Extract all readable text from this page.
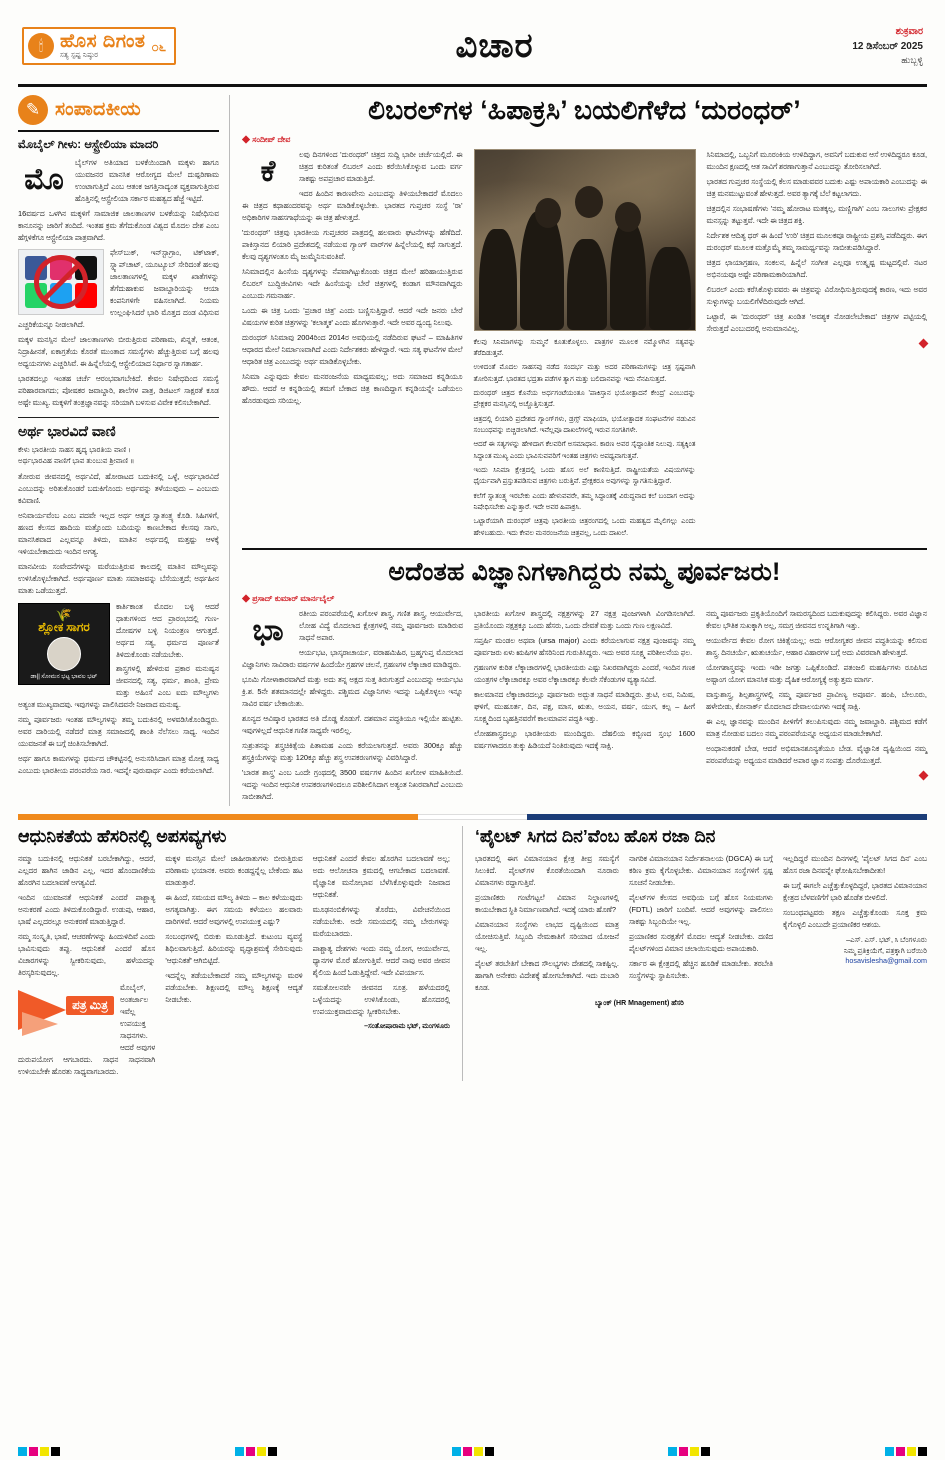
🕯 ಹೊಸ ದಿಗಂತ
ಸತ್ಯ ಸ್ಪಷ್ಟ ನಿಷ್ಠುರ
೦೬	ವಿಚಾರ	ಶುಕ್ರವಾರ
12 ಡಿಸೆಂಬರ್ 2025
ಹುಬ್ಬಳ್ಳಿ
✎ ಸಂಪಾದಕೀಯ
ಮೊಬೈಲ್ ಗೀಳು: ಆಸ್ಟ್ರೇಲಿಯಾ ಮಾದರಿ
ಮೊ

ಬೈಲ್‌ಗಳ ಅತಿಯಾದ ಬಳಕೆಯಿಂದಾಗಿ ಮಕ್ಕಳು ಹಾಗೂ ಯುವಜನರ ಮಾನಸಿಕ ಆರೋಗ್ಯದ ಮೇಲೆ ದುಷ್ಪರಿಣಾಮ ಉಂಟಾಗುತ್ತಿದೆ ಎಂಬ ಆತಂಕ ಜಗತ್ತಿನಾದ್ಯಂತ ವ್ಯಕ್ತವಾಗುತ್ತಿರುವ ಹೊತ್ತಿನಲ್ಲಿ ಆಸ್ಟ್ರೇಲಿಯಾ ಸರ್ಕಾರ ಮಹತ್ವದ ಹೆಜ್ಜೆ ಇಟ್ಟಿದೆ.

16ವರ್ಷದ ಒಳಗಿನ ಮಕ್ಕಳಿಗೆ ಸಾಮಾಜಿಕ ಜಾಲತಾಣಗಳ ಬಳಕೆಯನ್ನು ನಿಷೇಧಿಸುವ ಕಾನೂನನ್ನು ಜಾರಿಗೆ ತಂದಿದೆ. ಇಂತಹ ಕ್ರಮ ತೆಗೆದುಕೊಂಡ ವಿಶ್ವದ ಮೊದಲ ದೇಶ ಎಂಬ ಹೆಗ್ಗಳಿಕೆಗೂ ಆಸ್ಟ್ರೇಲಿಯಾ ಪಾತ್ರವಾಗಿದೆ.

ಫೇಸ್‌ಬುಕ್, ಇನ್‌ಸ್ಟಾಗ್ರಾಂ, ಟಿಕ್‌ಟಾಕ್, ಸ್ನ್ಯಾಪ್‌ಚಾಟ್, ಯೂಟ್ಯೂಬ್ ಸೇರಿದಂತೆ ಹಲವು ಜಾಲತಾಣಗಳಲ್ಲಿ ಮಕ್ಕಳ ಖಾತೆಗಳನ್ನು ತೆಗೆದುಹಾಕುವ ಜವಾಬ್ದಾರಿಯನ್ನು ಆಯಾ ಕಂಪನಿಗಳಿಗೇ ವಹಿಸಲಾಗಿದೆ. ನಿಯಮ ಉಲ್ಲಂಘಿಸಿದರೆ ಭಾರಿ ಮೊತ್ತದ ದಂಡ ವಿಧಿಸುವ ಎಚ್ಚರಿಕೆಯನ್ನೂ ನೀಡಲಾಗಿದೆ.

ಮಕ್ಕಳ ಮನಸ್ಸಿನ ಮೇಲೆ ಜಾಲತಾಣಗಳು ಬೀರುತ್ತಿರುವ ಪರಿಣಾಮ, ಖಿನ್ನತೆ, ಆತಂಕ, ನಿದ್ರಾಹೀನತೆ, ಏಕಾಗ್ರತೆಯ ಕೊರತೆ ಮುಂತಾದ ಸಮಸ್ಯೆಗಳು ಹೆಚ್ಚುತ್ತಿರುವ ಬಗ್ಗೆ ಹಲವು ಅಧ್ಯಯನಗಳು ಎಚ್ಚರಿಸಿವೆ. ಈ ಹಿನ್ನೆಲೆಯಲ್ಲಿ ಆಸ್ಟ್ರೇಲಿಯಾದ ನಿರ್ಧಾರ ಸ್ವಾಗತಾರ್ಹ.

ಭಾರತದಲ್ಲೂ ಇಂತಹ ಚರ್ಚೆ ಆರಂಭವಾಗಬೇಕಿದೆ. ಕೇವಲ ನಿಷೇಧದಿಂದ ಸಮಸ್ಯೆ ಪರಿಹಾರವಾಗದು; ಪೋಷಕರ ಜವಾಬ್ದಾರಿ, ಶಾಲೆಗಳ ಪಾತ್ರ, ಡಿಜಿಟಲ್ ಸಾಕ್ಷರತೆ ಕೂಡ ಅಷ್ಟೇ ಮುಖ್ಯ. ಮಕ್ಕಳಿಗೆ ತಂತ್ರಜ್ಞಾನವನ್ನು ಸರಿಯಾಗಿ ಬಳಸುವ ವಿವೇಕ ಕಲಿಸಬೇಕಾಗಿದೆ.

ಅರ್ಥ ಭಾರವಿದೆ ವಾಣಿ
ಕೇಳು ಭಾರತೀಯ ಸಾಹಸ ಹೃದ್ಯ ಭಾರತಿಯ ವಾಣಿ ।
ಅರ್ಥಭಾರವಿಹ ವಾಣಿಗೆ ಭಾವ ತುಂಬುವ ಶ್ರೀವಾಣಿ ॥

ತೋರುವ ಜೀವನದಲ್ಲಿ ಅರ್ಥವಿದೆ, ಹೋರಾಟದ ಬದುಕಿನಲ್ಲಿ ಒಳ್ಳೆ, ಅರ್ಥಭಾರವಿದೆ ಎಂಬುದನ್ನು ಅರಿತುಕೊಂಡರೆ ಬದುಕಿಗೊಂದು ಅರ್ಥವನ್ನು ತಳೆಯುವುದು – ಎಂಬುದು ಕವಿವಾಣಿ.

ಅನಿವಾರ್ಯವೆಂಬ ಎಂಬ ಪದವೇ ಇಲ್ಲದ ಅರ್ಥ ಆತ್ಮದ ಸ್ವಾತಂತ್ರ್ಯ ಕೊಡಿ. ಸಿಹಿಗಳಿಗೆ, ಹಣದ ಕೆಲಸದ ಹಾದಿಯ ಮತ್ತೊಂದು ಬದಿಯನ್ನು ಕಾಣಬೇಕಾದ ಕೆಲಸವು ಸಾಗು, ಮಾನಸಿಕವಾದ ಎಲ್ಲವನ್ನೂ ತಿಳಿದು, ಮಾತಿನ ಅರ್ಥದಲ್ಲಿ ಮತ್ತಷ್ಟು ಆಳಕ್ಕೆ ಇಳಿಯಬೇಕಾದುದು ಇಂದಿನ ಅಗತ್ಯ.

ಮಾನವೀಯ ಸಂವೇದನೆಗಳನ್ನು ಮರೆಯುತ್ತಿರುವ ಕಾಲದಲ್ಲಿ ಮಾತಿನ ಮೌಲ್ಯವನ್ನು ಉಳಿಸಿಕೊಳ್ಳಬೇಕಾಗಿದೆ. ಅರ್ಥಪೂರ್ಣ ಮಾತು ಸಮಾಜವನ್ನು ಬೆಸೆಯುತ್ತದೆ; ಅರ್ಥಹೀನ ಮಾತು ಒಡೆಯುತ್ತದೆ.

🌾
ಶ್ಲೋಕ ಸಾಗರ
ಡಾ|| ಸೋಮನ ಭಟ್ಟ ಭಾವಲ ಭಟ್

ಕಾರ್ತಿಕಾಂತ ಮೊದಲ ಬಳ್ಳಿ ಆದರೆ ಧಾತುಗಳಿಂದ ಆದ ಪ್ರಾರಂಭದಲ್ಲಿ ಗುಣ-ದೋಷಗಳ ಬಳ್ಳಿ ನಿಯಂತ್ರಣ ಆಗುತ್ತದೆ. ಅರ್ಥದ ಸತ್ಯ, ಧರ್ಮದ ಪೂರ್ಣತೆ ತಿಳಿದುಕೊಂಡು ನಡೆಯಬೇಕು.

ಶಾಸ್ತ್ರಗಳಲ್ಲಿ ಹೇಳಿರುವ ಪ್ರಕಾರ ಮನುಷ್ಯನ ಜೀವನದಲ್ಲಿ ಸತ್ಯ, ಧರ್ಮ, ಶಾಂತಿ, ಪ್ರೇಮ ಮತ್ತು ಅಹಿಂಸೆ ಎಂಬ ಐದು ಮೌಲ್ಯಗಳು ಅತ್ಯಂತ ಮುಖ್ಯವಾದವು. ಇವುಗಳನ್ನು ಪಾಲಿಸಿದವನೇ ನಿಜವಾದ ಮನುಷ್ಯ.

ನಮ್ಮ ಪೂರ್ವಜರು ಇಂತಹ ಮೌಲ್ಯಗಳನ್ನು ತಮ್ಮ ಬದುಕಿನಲ್ಲಿ ಅಳವಡಿಸಿಕೊಂಡಿದ್ದರು. ಅವರ ದಾರಿಯಲ್ಲಿ ನಡೆದರೆ ಮಾತ್ರ ಸಮಾಜದಲ್ಲಿ ಶಾಂತಿ ನೆಲೆಸಲು ಸಾಧ್ಯ. ಇಂದಿನ ಯುವಜನತೆ ಈ ಬಗ್ಗೆ ಚಿಂತಿಸಬೇಕಾಗಿದೆ.

ಅರ್ಥ ಹಾಗೂ ಕಾಮಗಳನ್ನು ಧರ್ಮದ ಚೌಕಟ್ಟಿನಲ್ಲಿ ಅನುಸರಿಸಿದಾಗ ಮಾತ್ರ ಮೋಕ್ಷ ಸಾಧ್ಯ ಎಂಬುದು ಭಾರತೀಯ ಪರಂಪರೆಯ ಸಾರ. ಇದನ್ನೇ ಪುರುಷಾರ್ಥ ಎಂದು ಕರೆಯಲಾಗಿದೆ.

ಲಿಬರಲ್‌ಗಳ ‘ಹಿಪಾಕ್ರಸಿ’ ಬಯಲಿಗೆಳೆದ ‘ದುರಂಧರ್’
◆ ಸಂದೀಪ್ ದೇವ
ಕೆ

ಲವು ದಿನಗಳಿಂದ 'ದುರಂಧರ್' ಚಿತ್ರದ ಸುದ್ದಿ ಭಾರೀ ಚರ್ಚೆಯಲ್ಲಿದೆ. ಈ ಚಿತ್ರದ ಕುರಿತಂತೆ ಲಿಬರಲ್ ಎಂದು ಕರೆಯಿಸಿಕೊಳ್ಳುವ ಒಂದು ವರ್ಗ ಸಾಕಷ್ಟು ಅಪಪ್ರಚಾರ ಮಾಡುತ್ತಿದೆ.

ಇದರ ಹಿಂದಿನ ಕಾರಣವೇನು ಎಂಬುದನ್ನು ತಿಳಿಯಬೇಕಾದರೆ ಮೊದಲು ಈ ಚಿತ್ರದ ಕಥಾಹಂದರವನ್ನು ಅರ್ಥ ಮಾಡಿಕೊಳ್ಳಬೇಕು. ಭಾರತದ ಗುಪ್ತಚರ ಸಂಸ್ಥೆ 'ರಾ' ಅಧಿಕಾರಿಗಳ ಸಾಹಸಗಾಥೆಯನ್ನು ಈ ಚಿತ್ರ ಹೇಳುತ್ತದೆ.

'ದುರಂಧರ್' ಚಿತ್ರವು ಭಾರತೀಯ ಗುಪ್ತಚರರ ಪಾತ್ರದಲ್ಲಿ ಹಲವಾರು ಘಟನೆಗಳನ್ನು ಹೆಣೆದಿದೆ. ಪಾಕಿಸ್ತಾನದ ಲಿಯಾರಿ ಪ್ರದೇಶದಲ್ಲಿ ನಡೆಯುವ ಗ್ಯಾಂಗ್ ವಾರ್‌ಗಳ ಹಿನ್ನೆಲೆಯಲ್ಲಿ ಕಥೆ ಸಾಗುತ್ತದೆ. ಕೆಲವು ದೃಶ್ಯಗಳಂತೂ ಮೈ ಜುಮ್ಮೆನಿಸುವಂತಿವೆ.

ಸಿನಿಮಾದಲ್ಲಿನ ಹಿಂಸೆಯ ದೃಶ್ಯಗಳನ್ನು ನೆಪವಾಗಿಟ್ಟುಕೊಂಡು ಚಿತ್ರದ ಮೇಲೆ ಹರಿಹಾಯುತ್ತಿರುವ ಲಿಬರಲ್ ಬುದ್ಧಿಜೀವಿಗಳು ಇದೇ ಹಿಂಸೆಯನ್ನು ಬೇರೆ ಚಿತ್ರಗಳಲ್ಲಿ ಕಂಡಾಗ ಮೌನವಾಗಿದ್ದರು ಎಂಬುದು ಗಮನಾರ್ಹ.

ಒಂದು ಈ ಚಿತ್ರ ಒಂದು 'ಪ್ರಚಾರ ಚಿತ್ರ' ಎಂದು ಬಣ್ಣಿಸುತ್ತಿದ್ದಾರೆ. ಆದರೆ ಇದೇ ಜನರು ಬೇರೆ ವಿಷಯಗಳ ಕುರಿತ ಚಿತ್ರಗಳನ್ನು 'ಕಲಾತ್ಮಕ' ಎಂದು ಹೊಗಳುತ್ತಾರೆ. ಇದೇ ಅವರ ದ್ವಂದ್ವ ನಿಲುವು.

ದುರಂಧರ್ ಸಿನಿಮಾವು 2004ರಿಂದ 2014ರ ಅವಧಿಯಲ್ಲಿ ನಡೆದಿರುವ ಘಟನೆ – ಮಾಹಿತಿಗಳ ಆಧಾರದ ಮೇಲೆ ನಿರ್ಮಾಣವಾಗಿದೆ ಎಂದು ನಿರ್ದೇಶಕರು ಹೇಳಿದ್ದಾರೆ. ಇದು ಸತ್ಯ ಘಟನೆಗಳ ಮೇಲೆ ಆಧಾರಿತ ಚಿತ್ರ ಎಂಬುದನ್ನು ಅರ್ಥ ಮಾಡಿಕೊಳ್ಳಬೇಕು.

ಸಿನಿಮಾ ಎನ್ನುವುದು ಕೇವಲ ಮನರಂಜನೆಯ ಮಾಧ್ಯಮವಲ್ಲ; ಅದು ಸಮಾಜದ ಕನ್ನಡಿಯೂ ಹೌದು. ಆದರೆ ಆ ಕನ್ನಡಿಯಲ್ಲಿ ತಮಗೆ ಬೇಕಾದ ಚಿತ್ರ ಕಾಣದಿದ್ದಾಗ ಕನ್ನಡಿಯನ್ನೇ ಒಡೆಯಲು ಹೊರಡುವುದು ಸರಿಯಲ್ಲ.

ಕೆಲವು ಸಿನಿಮಾಗಳನ್ನು ಸುಮ್ಮನೆ ಕೂತುಕೊಳ್ಳಲು. ಪಾತ್ರಗಳ ಮೂಲಕ ನಮ್ಮೊಳಗಿನ ಸತ್ಯವನ್ನು ತೆರೆದಿಡುತ್ತವೆ.

ಉಳಿದಂತೆ ಮೊದಲ ಸಾಹಸವು ನಡೆದ ಸಂದರ್ಭ ಮತ್ತು ಅದರ ಪರಿಣಾಮಗಳನ್ನು ಚಿತ್ರ ಸ್ಪಷ್ಟವಾಗಿ ತೋರಿಸುತ್ತದೆ. ಭಾರತದ ಭದ್ರತಾ ಪಡೆಗಳ ತ್ಯಾಗ ಮತ್ತು ಬಲಿದಾನವನ್ನು ಇದು ನೆನಪಿಸುತ್ತದೆ.

ದುರಂಧರ್ ಚಿತ್ರದ ಕೊನೆಯ ಅರ್ಧಗಂಟೆಯಂತೂ 'ಪಾಕಿಸ್ತಾನ ಭಯೋತ್ಪಾದನೆ ಕೇಂದ್ರ' ಎಂಬುದನ್ನು ಪ್ರೇಕ್ಷಕರ ಮನಸ್ಸಿನಲ್ಲಿ ಅಚ್ಚೊತ್ತಿಸುತ್ತದೆ.

ಚಿತ್ರದಲ್ಲಿ ಲಿಯಾರಿ ಪ್ರದೇಶದ ಗ್ಯಾಂಗ್‌ಗಳು, ಡ್ರಗ್ಸ್ ಮಾಫಿಯಾ, ಭಯೋತ್ಪಾದಕ ಸಂಘಟನೆಗಳ ನಡುವಿನ ಸಂಬಂಧವನ್ನು ಬಿಚ್ಚಿಡಲಾಗಿದೆ. ಇವೆಲ್ಲವೂ ದಾಖಲೆಗಳಲ್ಲಿ ಇರುವ ಸಂಗತಿಗಳೇ.

ಆದರೆ ಈ ಸತ್ಯಗಳನ್ನು ಹೇಳಿದಾಗ ಕೆಲವರಿಗೆ ಅಸಮಾಧಾನ. ಕಾರಣ ಅವರ ಸೈದ್ಧಾಂತಿಕ ನಿಲುವು. ಸತ್ಯಕ್ಕಿಂತ ಸಿದ್ಧಾಂತ ಮುಖ್ಯ ಎಂದು ಭಾವಿಸುವವರಿಗೆ ಇಂತಹ ಚಿತ್ರಗಳು ಅಪಥ್ಯವಾಗುತ್ತವೆ.

ಇಂದು ಸಿನಿಮಾ ಕ್ಷೇತ್ರದಲ್ಲಿ ಒಂದು ಹೊಸ ಅಲೆ ಕಾಣಿಸುತ್ತಿದೆ. ರಾಷ್ಟ್ರೀಯತೆಯ ವಿಷಯಗಳನ್ನು ಧೈರ್ಯವಾಗಿ ಪ್ರಸ್ತುತಪಡಿಸುವ ಚಿತ್ರಗಳು ಬರುತ್ತಿವೆ. ಪ್ರೇಕ್ಷಕರೂ ಅವುಗಳನ್ನು ಸ್ವಾಗತಿಸುತ್ತಿದ್ದಾರೆ.

ಕಲೆಗೆ ಸ್ವಾತಂತ್ರ್ಯ ಇರಬೇಕು ಎಂದು ಹೇಳುವವರೇ, ತಮ್ಮ ಸಿದ್ಧಾಂತಕ್ಕೆ ವಿರುದ್ಧವಾದ ಕಲೆ ಬಂದಾಗ ಅದನ್ನು ನಿಷೇಧಿಸಬೇಕು ಎನ್ನುತ್ತಾರೆ. ಇದೇ ಅವರ ಹಿಪಾಕ್ರಸಿ.

ಒಟ್ಟಾರೆಯಾಗಿ ದುರಂಧರ್ ಚಿತ್ರವು ಭಾರತೀಯ ಚಿತ್ರರಂಗದಲ್ಲಿ ಒಂದು ಮಹತ್ವದ ಮೈಲಿಗಲ್ಲು ಎಂದು ಹೇಳಬಹುದು. ಇದು ಕೇವಲ ಮನರಂಜನೆಯ ಚಿತ್ರವಲ್ಲ, ಒಂದು ದಾಖಲೆ.

ಸಿನಿಮಾದಲ್ಲಿ, ಒಬ್ಬನಿಗೆ ಮೂರಂಕಿಯ ಉಳಿದಿದ್ದಾಗ, ಅವನಿಗೆ ಬದುಕುವ ಆಸೆ ಉಳಿದಿದ್ದರೂ ಕೂಡ, ಮುಂದಿನ ಕ್ಷಣದಲ್ಲಿ ಆತ ಸಾವಿಗೆ ಶರಣಾಗುತ್ತಾನೆ ಎಂಬುದನ್ನು ತೋರಿಸಲಾಗಿದೆ.

ಭಾರತದ ಗುಪ್ತಚರ ಸಂಸ್ಥೆಯಲ್ಲಿ ಕೆಲಸ ಮಾಡುವವರ ಬದುಕು ಎಷ್ಟು ಅಪಾಯಕಾರಿ ಎಂಬುದನ್ನು ಈ ಚಿತ್ರ ಮನಮುಟ್ಟುವಂತೆ ಹೇಳುತ್ತದೆ. ಅವರ ತ್ಯಾಗಕ್ಕೆ ಬೆಲೆ ಕಟ್ಟಲಾಗದು.

ಚಿತ್ರದಲ್ಲಿನ ಸಂಭಾಷಣೆಗಳು 'ನಮ್ಮ ಹೋರಾಟ ಮತಕ್ಕಲ್ಲ, ಮಣ್ಣಿಗಾಗಿ' ಎಂಬ ಸಾಲುಗಳು ಪ್ರೇಕ್ಷಕರ ಮನಸ್ಸನ್ನು ತಟ್ಟುತ್ತವೆ. ಇದೇ ಈ ಚಿತ್ರದ ಶಕ್ತಿ.

ನಿರ್ದೇಶಕ ಆದಿತ್ಯ ಧರ್ ಈ ಹಿಂದೆ 'ಉರಿ' ಚಿತ್ರದ ಮೂಲಕವೂ ರಾಷ್ಟ್ರೀಯ ಪ್ರಶಸ್ತಿ ಪಡೆದಿದ್ದರು. ಈಗ ದುರಂಧರ್ ಮೂಲಕ ಮತ್ತೊಮ್ಮೆ ತಮ್ಮ ಸಾಮರ್ಥ್ಯವನ್ನು ಸಾಬೀತುಪಡಿಸಿದ್ದಾರೆ.

ಚಿತ್ರದ ಛಾಯಾಗ್ರಹಣ, ಸಂಕಲನ, ಹಿನ್ನೆಲೆ ಸಂಗೀತ ಎಲ್ಲವೂ ಉತ್ಕೃಷ್ಟ ಮಟ್ಟದಲ್ಲಿವೆ. ನಟರ ಅಭಿನಯವೂ ಅಷ್ಟೇ ಪರಿಣಾಮಕಾರಿಯಾಗಿದೆ.

ಲಿಬರಲ್ ಎಂದು ಕರೆಸಿಕೊಳ್ಳುವವರು ಈ ಚಿತ್ರವನ್ನು ವಿರೋಧಿಸುತ್ತಿರುವುದಕ್ಕೆ ಕಾರಣ, ಇದು ಅವರ ಸುಳ್ಳುಗಳನ್ನು ಬಯಲಿಗೆಳೆದಿರುವುದೇ ಆಗಿದೆ.

ಒಟ್ಟಾರೆ, ಈ 'ದುರಂಧರ್' ಚಿತ್ರ ಖಂಡಿತ 'ಅವಶ್ಯಕ ನೋಡಲೇಬೇಕಾದ' ಚಿತ್ರಗಳ ಪಟ್ಟಿಯಲ್ಲಿ ಸೇರುತ್ತದೆ ಎಂಬುದರಲ್ಲಿ ಅನುಮಾನವಿಲ್ಲ.

ಅದೆಂತಹ ವಿಜ್ಞಾನಿಗಳಾಗಿದ್ದರು ನಮ್ಮ ಪೂರ್ವಜರು!
◆ ಪ್ರಸಾದ್ ಕುಮಾರ್ ಮಾರ್ನಬೈಲ್
ಭಾ

ರತೀಯ ಪರಂಪರೆಯಲ್ಲಿ ಖಗೋಳ ಶಾಸ್ತ್ರ, ಗಣಿತ ಶಾಸ್ತ್ರ, ಆಯುರ್ವೇದ, ಲೋಹ ವಿದ್ಯೆ ಮೊದಲಾದ ಕ್ಷೇತ್ರಗಳಲ್ಲಿ ನಮ್ಮ ಪೂರ್ವಜರು ಮಾಡಿರುವ ಸಾಧನೆ ಅಪಾರ.

ಆರ್ಯಭಟ, ಭಾಸ್ಕರಾಚಾರ್ಯ, ವರಾಹಮಿಹಿರ, ಬ್ರಹ್ಮಗುಪ್ತ ಮೊದಲಾದ ವಿಜ್ಞಾನಿಗಳು ಸಾವಿರಾರು ವರ್ಷಗಳ ಹಿಂದೆಯೇ ಗ್ರಹಗಳ ಚಲನೆ, ಗ್ರಹಣಗಳ ಲೆಕ್ಕಾಚಾರ ಮಾಡಿದ್ದರು.

ಭೂಮಿ ಗೋಳಾಕಾರವಾಗಿದೆ ಮತ್ತು ಅದು ತನ್ನ ಅಕ್ಷದ ಸುತ್ತ ತಿರುಗುತ್ತದೆ ಎಂಬುದನ್ನು ಆರ್ಯಭಟ ಕ್ರಿ.ಶ. 5ನೇ ಶತಮಾನದಲ್ಲೇ ಹೇಳಿದ್ದರು. ಪಶ್ಚಿಮದ ವಿಜ್ಞಾನಿಗಳು ಇದನ್ನು ಒಪ್ಪಿಕೊಳ್ಳಲು ಇನ್ನೂ ಸಾವಿರ ವರ್ಷ ಬೇಕಾಯಿತು.

ಶೂನ್ಯದ ಆವಿಷ್ಕಾರ ಭಾರತದ ಅತಿ ದೊಡ್ಡ ಕೊಡುಗೆ. ದಶಮಾನ ಪದ್ಧತಿಯೂ ಇಲ್ಲಿಯೇ ಹುಟ್ಟಿತು. ಇವುಗಳಿಲ್ಲದೆ ಆಧುನಿಕ ಗಣಿತ ಸಾಧ್ಯವೇ ಇರಲಿಲ್ಲ.

ಸುಶ್ರುತನನ್ನು ಶಸ್ತ್ರಚಿಕಿತ್ಸೆಯ ಪಿತಾಮಹ ಎಂದು ಕರೆಯಲಾಗುತ್ತದೆ. ಅವರು 300ಕ್ಕೂ ಹೆಚ್ಚು ಶಸ್ತ್ರಕ್ರಿಯೆಗಳನ್ನು ಮತ್ತು 120ಕ್ಕೂ ಹೆಚ್ಚು ಶಸ್ತ್ರ ಉಪಕರಣಗಳನ್ನು ವಿವರಿಸಿದ್ದಾರೆ.

'ಬಾರತ ಶಾಸ್ತ್ರ' ಎಂಬ ಒಂದೇ ಗ್ರಂಥದಲ್ಲಿ 3500 ವರ್ಷಗಳ ಹಿಂದಿನ ಖಗೋಳ ಮಾಹಿತಿಯಿದೆ. ಇದನ್ನು ಇಂದಿನ ಆಧುನಿಕ ಉಪಕರಣಗಳಿಂದಲೂ ಪರಿಶೀಲಿಸಿದಾಗ ಅತ್ಯಂತ ನಿಖರವಾಗಿದೆ ಎಂಬುದು ಸಾಬೀತಾಗಿದೆ.

ಭಾರತೀಯ ಖಗೋಳ ಶಾಸ್ತ್ರದಲ್ಲಿ ನಕ್ಷತ್ರಗಳನ್ನು 27 ನಕ್ಷತ್ರ ಪುಂಜಗಳಾಗಿ ವಿಂಗಡಿಸಲಾಗಿದೆ. ಪ್ರತಿಯೊಂದು ನಕ್ಷತ್ರಕ್ಕೂ ಒಂದು ಹೆಸರು, ಒಂದು ದೇವತೆ ಮತ್ತು ಒಂದು ಗುಣ ಲಕ್ಷಣವಿದೆ.

ಸಪ್ತರ್ಷಿ ಮಂಡಲ ಅಥವಾ (ursa major) ಎಂದು ಕರೆಯಲಾಗುವ ನಕ್ಷತ್ರ ಪುಂಜವನ್ನು ನಮ್ಮ ಪೂರ್ವಜರು ಏಳು ಋಷಿಗಳ ಹೆಸರಿನಿಂದ ಗುರುತಿಸಿದ್ದರು. ಇದು ಅವರ ಸೂಕ್ಷ್ಮ ಪರಿಶೀಲನೆಯ ಫಲ.

ಗ್ರಹಣಗಳ ಕುರಿತ ಲೆಕ್ಕಾಚಾರಗಳಲ್ಲಿ ಭಾರತೀಯರು ಎಷ್ಟು ನಿಖರವಾಗಿದ್ದರು ಎಂದರೆ, ಇಂದಿನ ಗಣಕ ಯಂತ್ರಗಳ ಲೆಕ್ಕಾಚಾರಕ್ಕೂ ಅವರ ಲೆಕ್ಕಾಚಾರಕ್ಕೂ ಕೆಲವೇ ಸೆಕೆಂಡುಗಳ ವ್ಯತ್ಯಾಸವಿದೆ.

ಕಾಲಮಾನದ ಲೆಕ್ಕಾಚಾರದಲ್ಲೂ ಪೂರ್ವಜರು ಅದ್ಭುತ ಸಾಧನೆ ಮಾಡಿದ್ದರು. ತ್ರುಟಿ, ಲವ, ನಿಮಿಷ, ಘಳಿಗೆ, ಮುಹೂರ್ತ, ದಿನ, ಪಕ್ಷ, ಮಾಸ, ಋತು, ಅಯನ, ವರ್ಷ, ಯುಗ, ಕಲ್ಪ – ಹೀಗೆ ಸೂಕ್ಷ್ಮದಿಂದ ಬೃಹತ್ತಿನವರೆಗೆ ಕಾಲಮಾಪನ ಪದ್ಧತಿ ಇತ್ತು.

ಲೋಹಶಾಸ್ತ್ರದಲ್ಲೂ ಭಾರತೀಯರು ಮುಂದಿದ್ದರು. ದೆಹಲಿಯ ಕಬ್ಬಿಣದ ಸ್ತಂಭ 1600 ವರ್ಷಗಳಾದರೂ ತುಕ್ಕು ಹಿಡಿಯದೆ ನಿಂತಿರುವುದು ಇದಕ್ಕೆ ಸಾಕ್ಷಿ.

ನಮ್ಮ ಪೂರ್ವಜರು ಪ್ರಕೃತಿಯೊಂದಿಗೆ ಸಾಮರಸ್ಯದಿಂದ ಬದುಕುವುದನ್ನು ಕಲಿಸಿದ್ದರು. ಅವರ ವಿಜ್ಞಾನ ಕೇವಲ ಭೌತಿಕ ಸುಖಕ್ಕಾಗಿ ಅಲ್ಲ, ಸಮಗ್ರ ಜೀವನದ ಉನ್ನತಿಗಾಗಿ ಇತ್ತು.

ಆಯುರ್ವೇದ ಕೇವಲ ರೋಗ ಚಿಕಿತ್ಸೆಯಲ್ಲ; ಅದು ಆರೋಗ್ಯಕರ ಜೀವನ ಪದ್ಧತಿಯನ್ನು ಕಲಿಸುವ ಶಾಸ್ತ್ರ. ದಿನಚರ್ಯೆ, ಋತುಚರ್ಯೆ, ಆಹಾರ ವಿಹಾರಗಳ ಬಗ್ಗೆ ಅದು ವಿವರವಾಗಿ ಹೇಳುತ್ತದೆ.

ಯೋಗಶಾಸ್ತ್ರವನ್ನು ಇಂದು ಇಡೀ ಜಗತ್ತು ಒಪ್ಪಿಕೊಂಡಿದೆ. ಪತಂಜಲಿ ಮಹರ್ಷಿಗಳು ರೂಪಿಸಿದ ಅಷ್ಟಾಂಗ ಯೋಗ ಮಾನಸಿಕ ಮತ್ತು ದೈಹಿಕ ಆರೋಗ್ಯಕ್ಕೆ ಅತ್ಯುತ್ತಮ ಮಾರ್ಗ.

ವಾಸ್ತುಶಾಸ್ತ್ರ, ಶಿಲ್ಪಶಾಸ್ತ್ರಗಳಲ್ಲಿ ನಮ್ಮ ಪೂರ್ವಜರ ಪ್ರಾವೀಣ್ಯ ಅಪೂರ್ವ. ಹಂಪಿ, ಬೇಲೂರು, ಹಳೇಬೀಡು, ಕೋನಾರ್ಕ್ ಮೊದಲಾದ ದೇವಾಲಯಗಳು ಇದಕ್ಕೆ ಸಾಕ್ಷಿ.

ಈ ಎಲ್ಲ ಜ್ಞಾನವನ್ನು ಮುಂದಿನ ಪೀಳಿಗೆಗೆ ತಲುಪಿಸುವುದು ನಮ್ಮ ಜವಾಬ್ದಾರಿ. ಪಶ್ಚಿಮದ ಕಡೆಗೆ ಮಾತ್ರ ನೋಡುವ ಬದಲು ನಮ್ಮ ಪರಂಪರೆಯನ್ನೂ ಅಧ್ಯಯನ ಮಾಡಬೇಕಾಗಿದೆ.

ಅಂಧಾನುಕರಣೆ ಬೇಡ, ಆದರೆ ಅಭಿಮಾನಶೂನ್ಯತೆಯೂ ಬೇಡ. ವೈಜ್ಞಾನಿಕ ದೃಷ್ಟಿಯಿಂದ ನಮ್ಮ ಪರಂಪರೆಯನ್ನು ಅಧ್ಯಯನ ಮಾಡಿದರೆ ಅಪಾರ ಜ್ಞಾನ ಸಂಪತ್ತು ದೊರೆಯುತ್ತದೆ.

ಆಧುನಿಕತೆಯ ಹೆಸರಿನಲ್ಲಿ ಅಪಸವ್ಯಗಳು

ನಮ್ಮಾ ಬದುಕಿನಲ್ಲಿ ಆಧುನಿಕತೆ ಬರಬೇಕಾಗಿದ್ದು, ಆದರೆ, ಎಲ್ಲದರ ಹಾಗಿನ ಜಾಡಿನ ಎಲ್ಲ, ಇದರ ಹೊಂದಾಣಿಕೆಯ ಹೊರಗಿನ ಬದಲಾವಣೆ ಅಗತ್ಯವಿದೆ.

ಇಂದಿನ ಯುವಜನತೆ ಆಧುನಿಕತೆ ಎಂದರೆ ಪಾಶ್ಚಾತ್ಯ ಅನುಕರಣೆ ಎಂದು ತಿಳಿದುಕೊಂಡಿದ್ದಾರೆ. ಉಡುಪು, ಆಹಾರ, ಭಾಷೆ ಎಲ್ಲದರಲ್ಲೂ ಅನುಕರಣೆ ಮಾಡುತ್ತಿದ್ದಾರೆ.

ನಮ್ಮ ಸಂಸ್ಕೃತಿ, ಭಾಷೆ, ಆಚರಣೆಗಳನ್ನು ಹಿಂದುಳಿದಿವೆ ಎಂದು ಭಾವಿಸುವುದು ತಪ್ಪು. ಆಧುನಿಕತೆ ಎಂದರೆ ಹೊಸ ವಿಚಾರಗಳನ್ನು ಸ್ವೀಕರಿಸುವುದು, ಹಳೆಯದನ್ನು ತಿರಸ್ಕರಿಸುವುದಲ್ಲ.

ಪತ್ರ ಮಿತ್ರ

ಮೊಬೈಲ್, ಅಂತರ್ಜಾಲ ಇವೆಲ್ಲ ಉಪಯುಕ್ತ ಸಾಧನಗಳು. ಆದರೆ ಅವುಗಳ ದುರುಪಯೋಗ ಆಗಬಾರದು. ಸಾಧನ ಸಾಧನವಾಗಿ ಉಳಿಯಬೇಕೇ ಹೊರತು ಸಾಧ್ಯವಾಗಬಾರದು.

ಮಕ್ಕಳ ಮನಸ್ಸಿನ ಮೇಲೆ ಜಾಹೀರಾತುಗಳು ಬೀರುತ್ತಿರುವ ಪರಿಣಾಮ ಭಯಾನಕ. ಅವರು ಕಂಡದ್ದನ್ನೆಲ್ಲ ಬೇಕೆಂದು ಹಟ ಮಾಡುತ್ತಾರೆ.

ಈ ಹಿಂದೆ, ಸಮಯದ ಮೌಲ್ಯ ತಿಳಿದು – ಕಾಲ ಕಳೆಯುವುದು ಅಗತ್ಯವಾಗಿತ್ತು. ಈಗ ಸಮಯ ಕಳೆಯಲು ಹಲವಾರು ದಾರಿಗಳಿವೆ. ಆದರೆ ಅವುಗಳಲ್ಲಿ ಉಪಯುಕ್ತ ಎಷ್ಟು?

ಸಂಬಂಧಗಳಲ್ಲಿ ಬಿರುಕು ಮೂಡುತ್ತಿದೆ. ಕುಟುಂಬ ವ್ಯವಸ್ಥೆ ಶಿಥಿಲವಾಗುತ್ತಿದೆ. ಹಿರಿಯರನ್ನು ವೃದ್ಧಾಶ್ರಮಕ್ಕೆ ಸೇರಿಸುವುದು 'ಆಧುನಿಕತೆ' ಆಗಿಬಿಟ್ಟಿದೆ.

ಇದನ್ನೆಲ್ಲ ತಡೆಯಬೇಕಾದರೆ ನಮ್ಮ ಮೌಲ್ಯಗಳನ್ನು ಮರಳಿ ಪಡೆಯಬೇಕು. ಶಿಕ್ಷಣದಲ್ಲಿ ಮೌಲ್ಯ ಶಿಕ್ಷಣಕ್ಕೆ ಆದ್ಯತೆ ನೀಡಬೇಕು.

ಆಧುನಿಕತೆ ಎಂದರೆ ಕೇವಲ ಹೊರಗಿನ ಬದಲಾವಣೆ ಅಲ್ಲ; ಅದು ಆಲೋಚನಾ ಕ್ರಮದಲ್ಲಿ ಆಗಬೇಕಾದ ಬದಲಾವಣೆ. ವೈಜ್ಞಾನಿಕ ಮನೋಭಾವ ಬೆಳೆಸಿಕೊಳ್ಳುವುದೇ ನಿಜವಾದ ಆಧುನಿಕತೆ.

ಮೂಢನಂಬಿಕೆಗಳನ್ನು ತೊರೆದು, ವಿವೇಚನೆಯಿಂದ ನಡೆಯಬೇಕು. ಅದೇ ಸಮಯದಲ್ಲಿ ನಮ್ಮ ಬೇರುಗಳನ್ನು ಮರೆಯಬಾರದು.

ಪಾಶ್ಚಾತ್ಯ ದೇಶಗಳು ಇಂದು ನಮ್ಮ ಯೋಗ, ಆಯುರ್ವೇದ, ಧ್ಯಾನಗಳ ಮೊರೆ ಹೋಗುತ್ತಿವೆ. ಆದರೆ ನಾವು ಅವರ ಜೀವನ ಶೈಲಿಯ ಹಿಂದೆ ಓಡುತ್ತಿದ್ದೇವೆ. ಇದೇ ವಿಪರ್ಯಾಸ.

ಸಮತೋಲನವೇ ಜೀವನದ ಸೂತ್ರ. ಹಳೆಯದರಲ್ಲಿ ಒಳ್ಳೆಯದನ್ನು ಉಳಿಸಿಕೊಂಡು, ಹೊಸದರಲ್ಲಿ ಉಪಯುಕ್ತವಾದುದನ್ನು ಸ್ವೀಕರಿಸಬೇಕು.

–ಸಂತೋಷಾರಾಮ ಭಟ್, ಮಂಗಳೂರು
‘ಪೈಲಟ್ ಸಿಗದ ದಿನ’ವೆಂಬ ಹೊಸ ರಜಾ ದಿನ

ಭಾರತದಲ್ಲಿ ಈಗ ವಿಮಾನಯಾನ ಕ್ಷೇತ್ರ ತೀವ್ರ ಸಮಸ್ಯೆಗೆ ಸಿಲುಕಿದೆ. ಪೈಲಟ್‌ಗಳ ಕೊರತೆಯಿಂದಾಗಿ ನೂರಾರು ವಿಮಾನಗಳು ರದ್ದಾಗುತ್ತಿವೆ.

ಪ್ರಯಾಣಿಕರು ಗಂಟೆಗಟ್ಟಲೆ ವಿಮಾನ ನಿಲ್ದಾಣಗಳಲ್ಲಿ ಕಾಯಬೇಕಾದ ಸ್ಥಿತಿ ನಿರ್ಮಾಣವಾಗಿದೆ. ಇದಕ್ಕೆ ಯಾರು ಹೊಣೆ?

ವಿಮಾನಯಾನ ಸಂಸ್ಥೆಗಳು ಲಾಭದ ದೃಷ್ಟಿಯಿಂದ ಮಾತ್ರ ಯೋಚಿಸುತ್ತಿವೆ. ಸಿಬ್ಬಂದಿ ನೇಮಕಾತಿಗೆ ಸರಿಯಾದ ಯೋಜನೆ ಇಲ್ಲ.

ಪೈಲಟ್ ತರಬೇತಿಗೆ ಬೇಕಾದ ಸೌಲಭ್ಯಗಳು ದೇಶದಲ್ಲಿ ಸಾಕಷ್ಟಿಲ್ಲ. ಹಾಗಾಗಿ ಅನೇಕರು ವಿದೇಶಕ್ಕೆ ಹೋಗಬೇಕಾಗಿದೆ. ಇದು ದುಬಾರಿ ಕೂಡ.

ನಾಗರಿಕ ವಿಮಾನಯಾನ ನಿರ್ದೇಶನಾಲಯ (DGCA) ಈ ಬಗ್ಗೆ ಕಠಿಣ ಕ್ರಮ ಕೈಗೊಳ್ಳಬೇಕು. ವಿಮಾನಯಾನ ಸಂಸ್ಥೆಗಳಿಗೆ ಸ್ಪಷ್ಟ ಸೂಚನೆ ನೀಡಬೇಕು.

ಪೈಲಟ್‌ಗಳ ಕೆಲಸದ ಅವಧಿಯ ಬಗ್ಗೆ ಹೊಸ ನಿಯಮಗಳು (FDTL) ಜಾರಿಗೆ ಬಂದಿವೆ. ಆದರೆ ಅವುಗಳನ್ನು ಪಾಲಿಸಲು ಸಾಕಷ್ಟು ಸಿಬ್ಬಂದಿಯೇ ಇಲ್ಲ.

ಪ್ರಯಾಣಿಕರ ಸುರಕ್ಷತೆಗೆ ಮೊದಲ ಆದ್ಯತೆ ನೀಡಬೇಕು. ದಣಿದ ಪೈಲಟ್‌ಗಳಿಂದ ವಿಮಾನ ಚಲಾಯಿಸುವುದು ಅಪಾಯಕಾರಿ.

ಸರ್ಕಾರ ಈ ಕ್ಷೇತ್ರದಲ್ಲಿ ಹೆಚ್ಚಿನ ಹೂಡಿಕೆ ಮಾಡಬೇಕು. ತರಬೇತಿ ಸಂಸ್ಥೆಗಳನ್ನು ಸ್ಥಾಪಿಸಬೇಕು.

ಇಲ್ಲದಿದ್ದರೆ ಮುಂದಿನ ದಿನಗಳಲ್ಲಿ 'ಪೈಲಟ್ ಸಿಗದ ದಿನ' ಎಂಬ ಹೊಸ ರಜಾ ದಿನವನ್ನೇ ಘೋಷಿಸಬೇಕಾದೀತು!

ಈ ಬಗ್ಗೆ ಈಗಲೇ ಎಚ್ಚೆತ್ತುಕೊಳ್ಳದಿದ್ದರೆ, ಭಾರತದ ವಿಮಾನಯಾನ ಕ್ಷೇತ್ರದ ಬೆಳವಣಿಗೆಗೆ ಭಾರಿ ಹೊಡೆತ ಬೀಳಲಿದೆ.

ಸಂಬಂಧಪಟ್ಟವರು ತಕ್ಷಣ ಎಚ್ಚೆತ್ತುಕೊಂಡು ಸೂಕ್ತ ಕ್ರಮ ಕೈಗೊಳ್ಳಲಿ ಎಂಬುದೇ ಪ್ರಯಾಣಿಕರ ಆಶಯ.

–ಎಸ್. ಎಸ್. ಭಟ್, ಸಿ ಬೆಂಗಳೂರು
ನಿಮ್ಮ ಪ್ರತಿಕ್ರಿಯೆಗೆ, ಪತ್ರಕ್ಕಾಗಿ ಬರೆಯಿರಿ
hosavislesha@gmail.com
ಬ್ಯಾಂಕ್ (HR Mnagement) ಹೆಸರಿ
